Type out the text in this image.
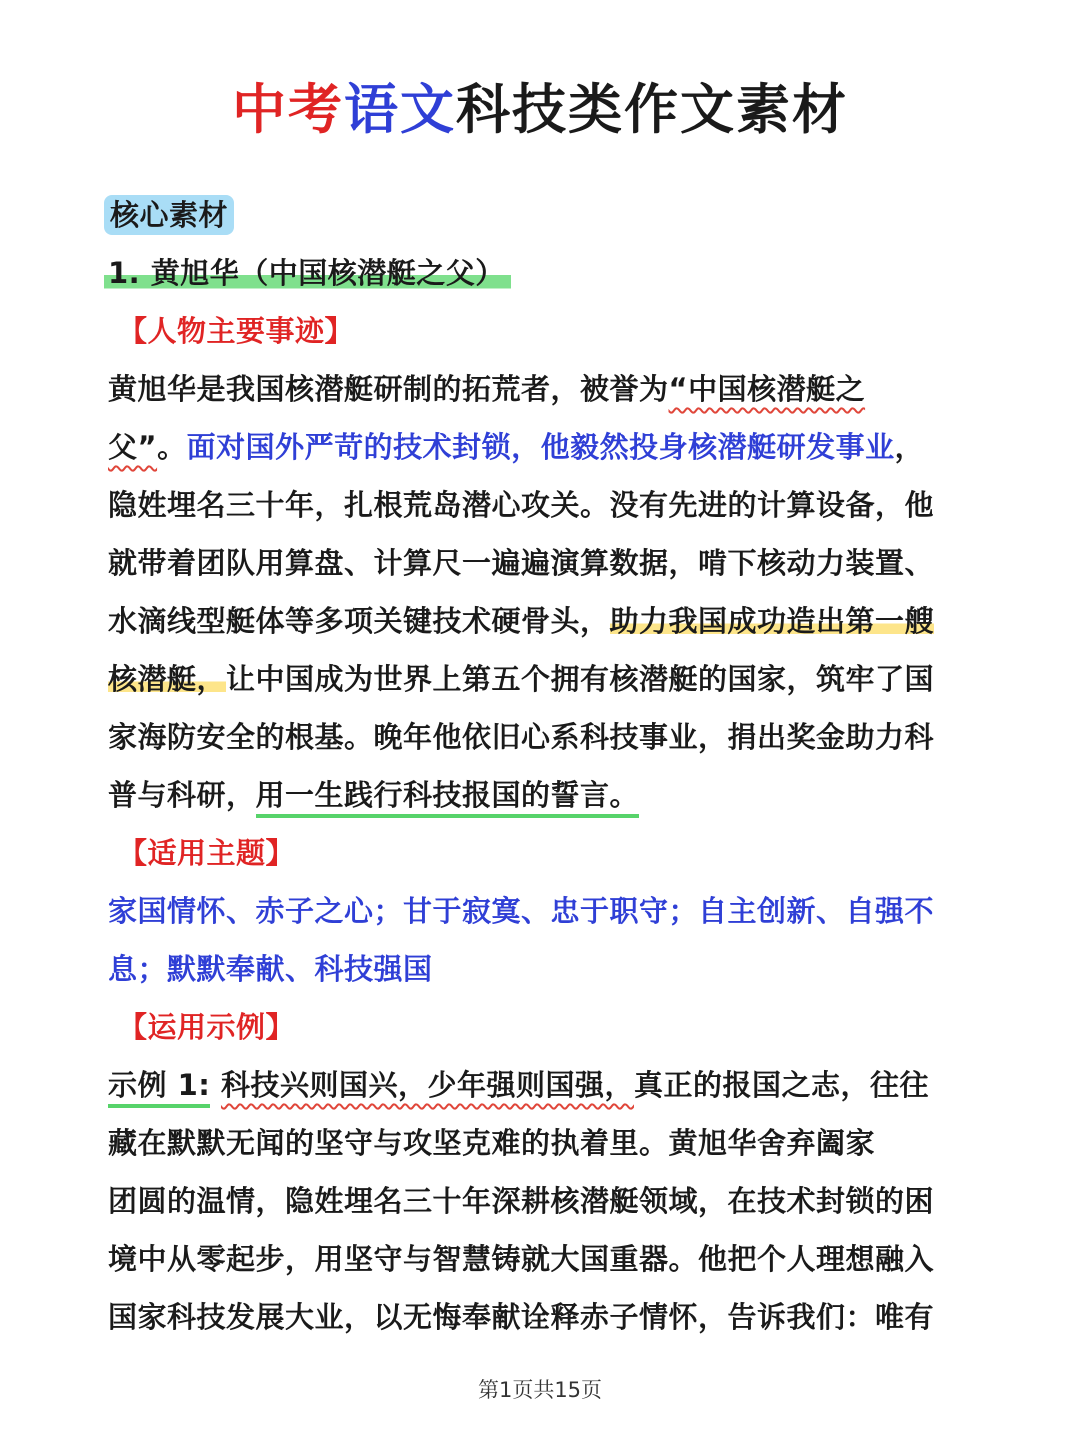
中考语文科技类作文素材
核心素材
1. 黄旭华（中国核潜艇之父）
【人物主要事迹】
黄旭华是我国核潜艇研制的拓荒者，被誉为“中国核潜艇之
父”。面对国外严苛的技术封锁，他毅然投身核潜艇研发事业，
隐姓埋名三十年，扎根荒岛潜心攻关。没有先进的计算设备，他
就带着团队用算盘、计算尺一遍遍演算数据，啃下核动力装置、
水滴线型艇体等多项关键技术硬骨头，助力我国成功造出第一艘
核潜艇，让中国成为世界上第五个拥有核潜艇的国家，筑牢了国
家海防安全的根基。晚年他依旧心系科技事业，捐出奖金助力科
普与科研，用一生践行科技报国的誓言。
【适用主题】
家国情怀、赤子之心；甘于寂寞、忠于职守；自主创新、自强不
息；默默奉献、科技强国
【运用示例】
示例 1: 科技兴则国兴，少年强则国强，真正的报国之志，往往
藏在默默无闻的坚守与攻坚克难的执着里。黄旭华舍弃阖家
团圆的温情，隐姓埋名三十年深耕核潜艇领域，在技术封锁的困
境中从零起步，用坚守与智慧铸就大国重器。他把个人理想融入
国家科技发展大业，以无悔奉献诠释赤子情怀，告诉我们：唯有
第1页共15页
